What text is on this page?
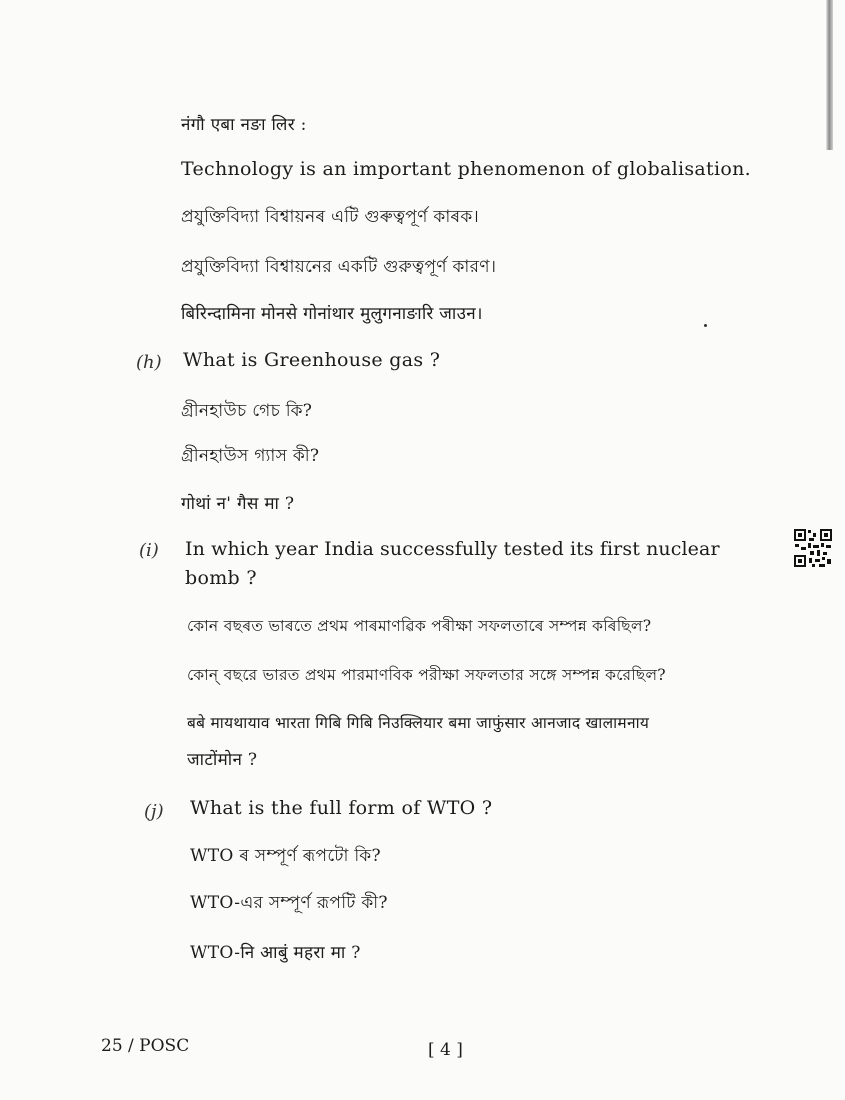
नंगौ एबा नङा लिर :
Technology is an important phenomenon of globalisation.
প্ৰযুক্তিবিদ্যা বিশ্বায়নৰ এটি গুৰুত্বপূৰ্ণ কাৰক।
প্রযুক্তিবিদ্যা বিশ্বায়নের একটি গুরুত্বপূর্ণ কারণ।
बिरिन्दामिना मोनसे गोनांथार मुलुगनाङारि जाउन।
(h) What is Greenhouse gas ?
গ্ৰীনহাউচ গেচ কি?
গ্রীনহাউস গ্যাস কী?
गोथां न' गैस मा ?
(i) In which year India successfully tested its first nuclear
bomb ?
কোন বছৰত ভাৰতে প্ৰথম পাৰমাণৱিক পৰীক্ষা সফলতাৰে সম্পন্ন কৰিছিল?
কোন্ বছরে ভারত প্রথম পারমাণবিক পরীক্ষা সফলতার সঙ্গে সম্পন্ন করেছিল?
बबे मायथायाव भारता गिबि गिबि निउक्लियार बमा जाफुंसार आनजाद खालामनाय
जाटोंमोन ?
(j) What is the full form of WTO ?
WTO ৰ সম্পূৰ্ণ ৰূপটো কি?
WTO-এর সম্পূর্ণ রূপটি কী?
WTO-नि आबुं महरा मा ?
25 / POSC	[ 4 ]
